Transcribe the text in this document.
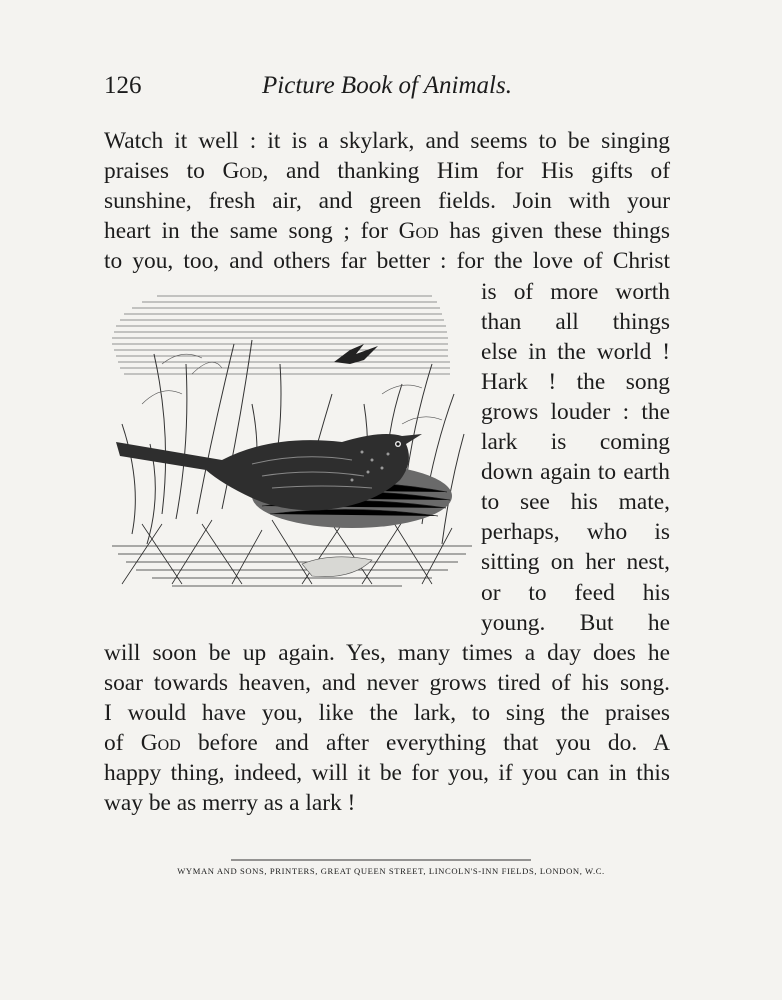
126	Picture Book of Animals.
Watch it well : it is a skylark, and seems to be singing
praises to God, and thanking Him for His gifts of
sunshine, fresh air, and green fields. Join with your
heart in the same song ; for God has given these things
to you, too, and others far better : for the love of Christ
is of more worth
than all things
else in the world !
Hark ! the song
grows louder : the
lark is coming
down again to earth
to see his mate,
perhaps, who is
sitting on her nest,
or to feed his
young. But he
will soon be up again. Yes, many times a day does he
soar towards heaven, and never grows tired of his song.
I would have you, like the lark, to sing the praises
of God before and after everything that you do. A
happy thing, indeed, will it be for you, if you can in this
way be as merry as a lark !
WYMAN AND SONS, PRINTERS, GREAT QUEEN STREET, LINCOLN'S-INN FIELDS, LONDON, W.C.
